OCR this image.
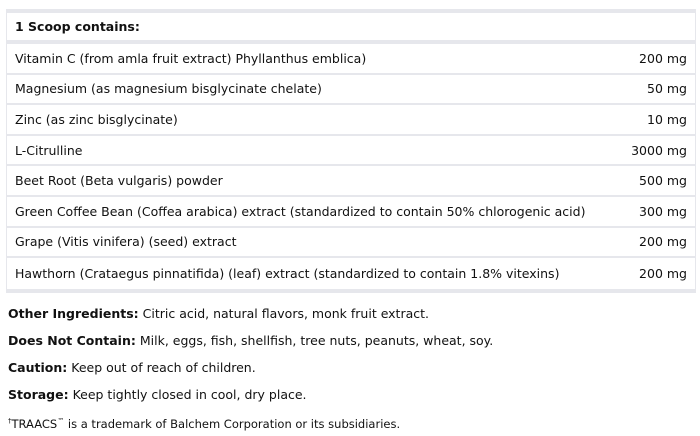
1 Scoop contains:
Vitamin C (from amla fruit extract) Phyllanthus emblica)	200 mg
Magnesium (as magnesium bisglycinate chelate)	50 mg
Zinc (as zinc bisglycinate)	10 mg
L-Citrulline	3000 mg
Beet Root (Beta vulgaris) powder	500 mg
Green Coffee Bean (Coffea arabica) extract (standardized to contain 50% chlorogenic acid)	300 mg
Grape (Vitis vinifera) (seed) extract	200 mg
Hawthorn (Crataegus pinnatifida) (leaf) extract (standardized to contain 1.8% vitexins)	200 mg
Other Ingredients: Citric acid, natural flavors, monk fruit extract.
Does Not Contain: Milk, eggs, fish, shellfish, tree nuts, peanuts, wheat, soy.
Caution: Keep out of reach of children.
Storage: Keep tightly closed in cool, dry place.
†TRAACS™ is a trademark of Balchem Corporation or its subsidiaries.
